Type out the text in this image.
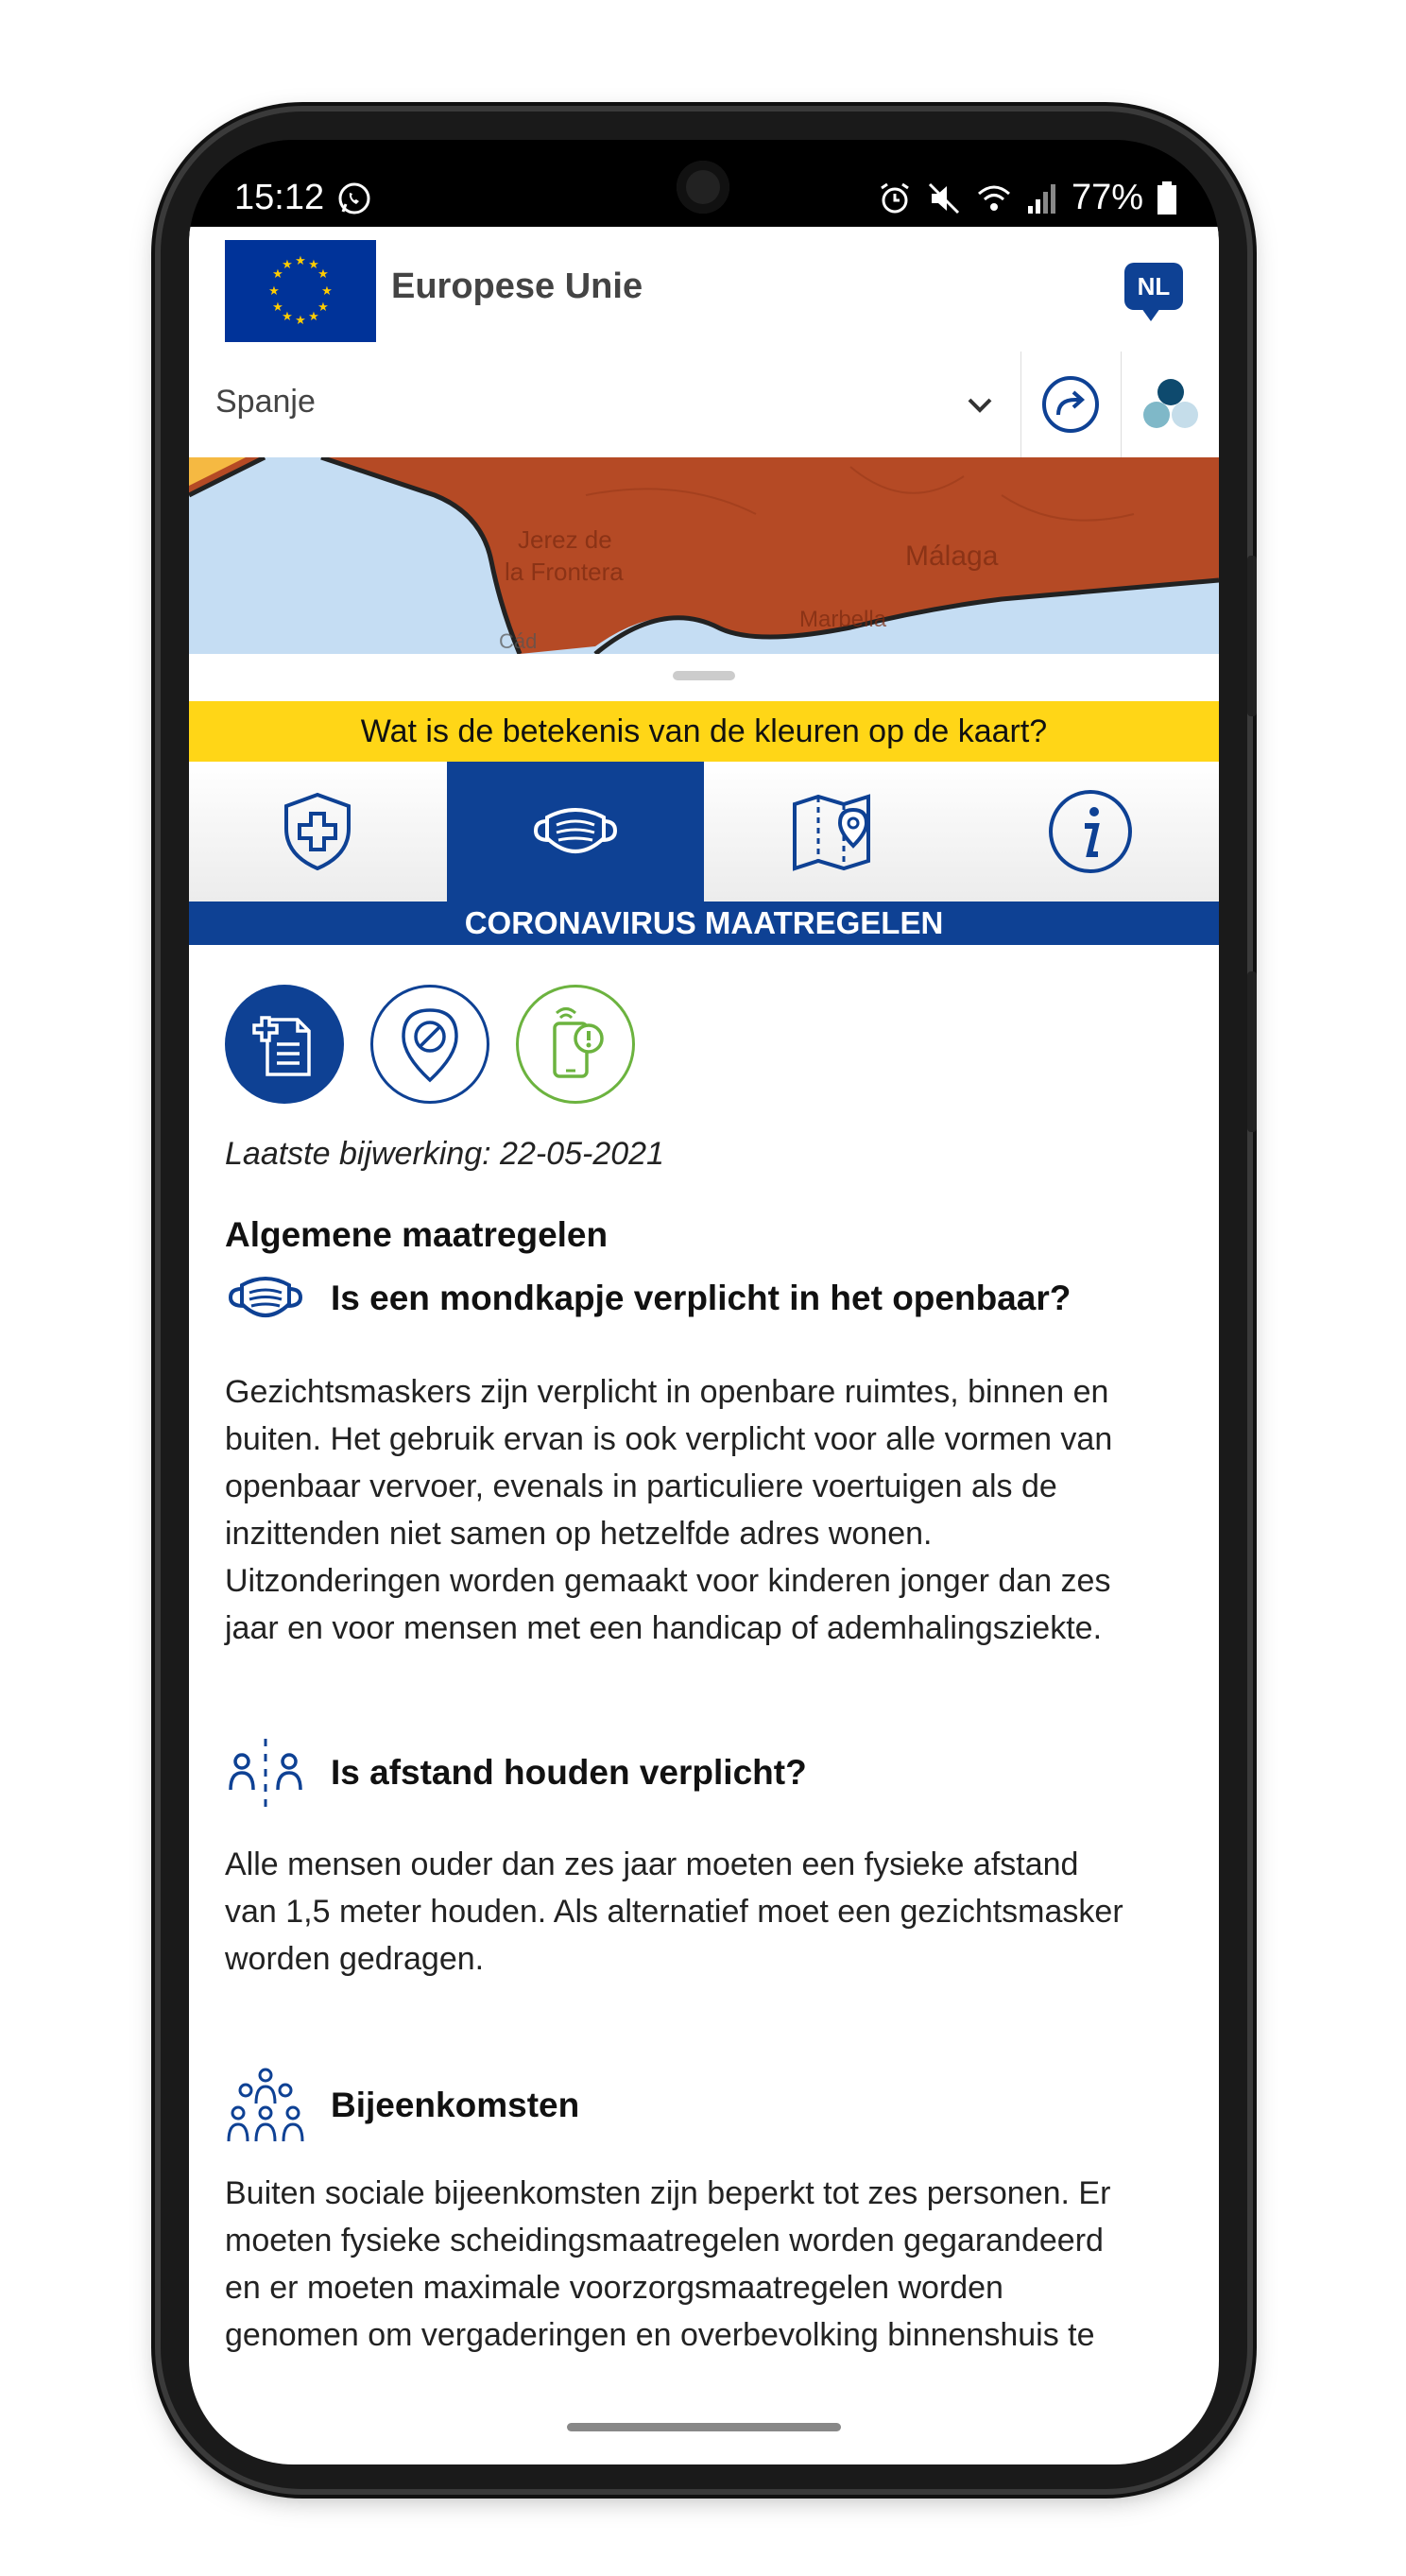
15:12	77%
★ ★
★
★
★
★
★
★
★
★
★
★
Europese Unie	NL
Spanje
Jerez de
la Frontera	Málaga
Marbella
Cád
Wat is de betekenis van de kleuren op de kaart?
CORONAVIRUS MAATREGELEN
Laatste bijwerking: 22-05-2021
Algemene maatregelen
Is een mondkapje verplicht in het openbaar?
Gezichtsmaskers zijn verplicht in openbare ruimtes, binnen en
buiten. Het gebruik ervan is ook verplicht voor alle vormen van
openbaar vervoer, evenals in particuliere voertuigen als de
inzittenden niet samen op hetzelfde adres wonen.
Uitzonderingen worden gemaakt voor kinderen jonger dan zes
jaar en voor mensen met een handicap of ademhalingsziekte.
Is afstand houden verplicht?
Alle mensen ouder dan zes jaar moeten een fysieke afstand
van 1,5 meter houden. Als alternatief moet een gezichtsmasker
worden gedragen.
Bijeenkomsten
Buiten sociale bijeenkomsten zijn beperkt tot zes personen. Er
moeten fysieke scheidingsmaatregelen worden gegarandeerd
en er moeten maximale voorzorgsmaatregelen worden
genomen om vergaderingen en overbevolking binnenshuis te
